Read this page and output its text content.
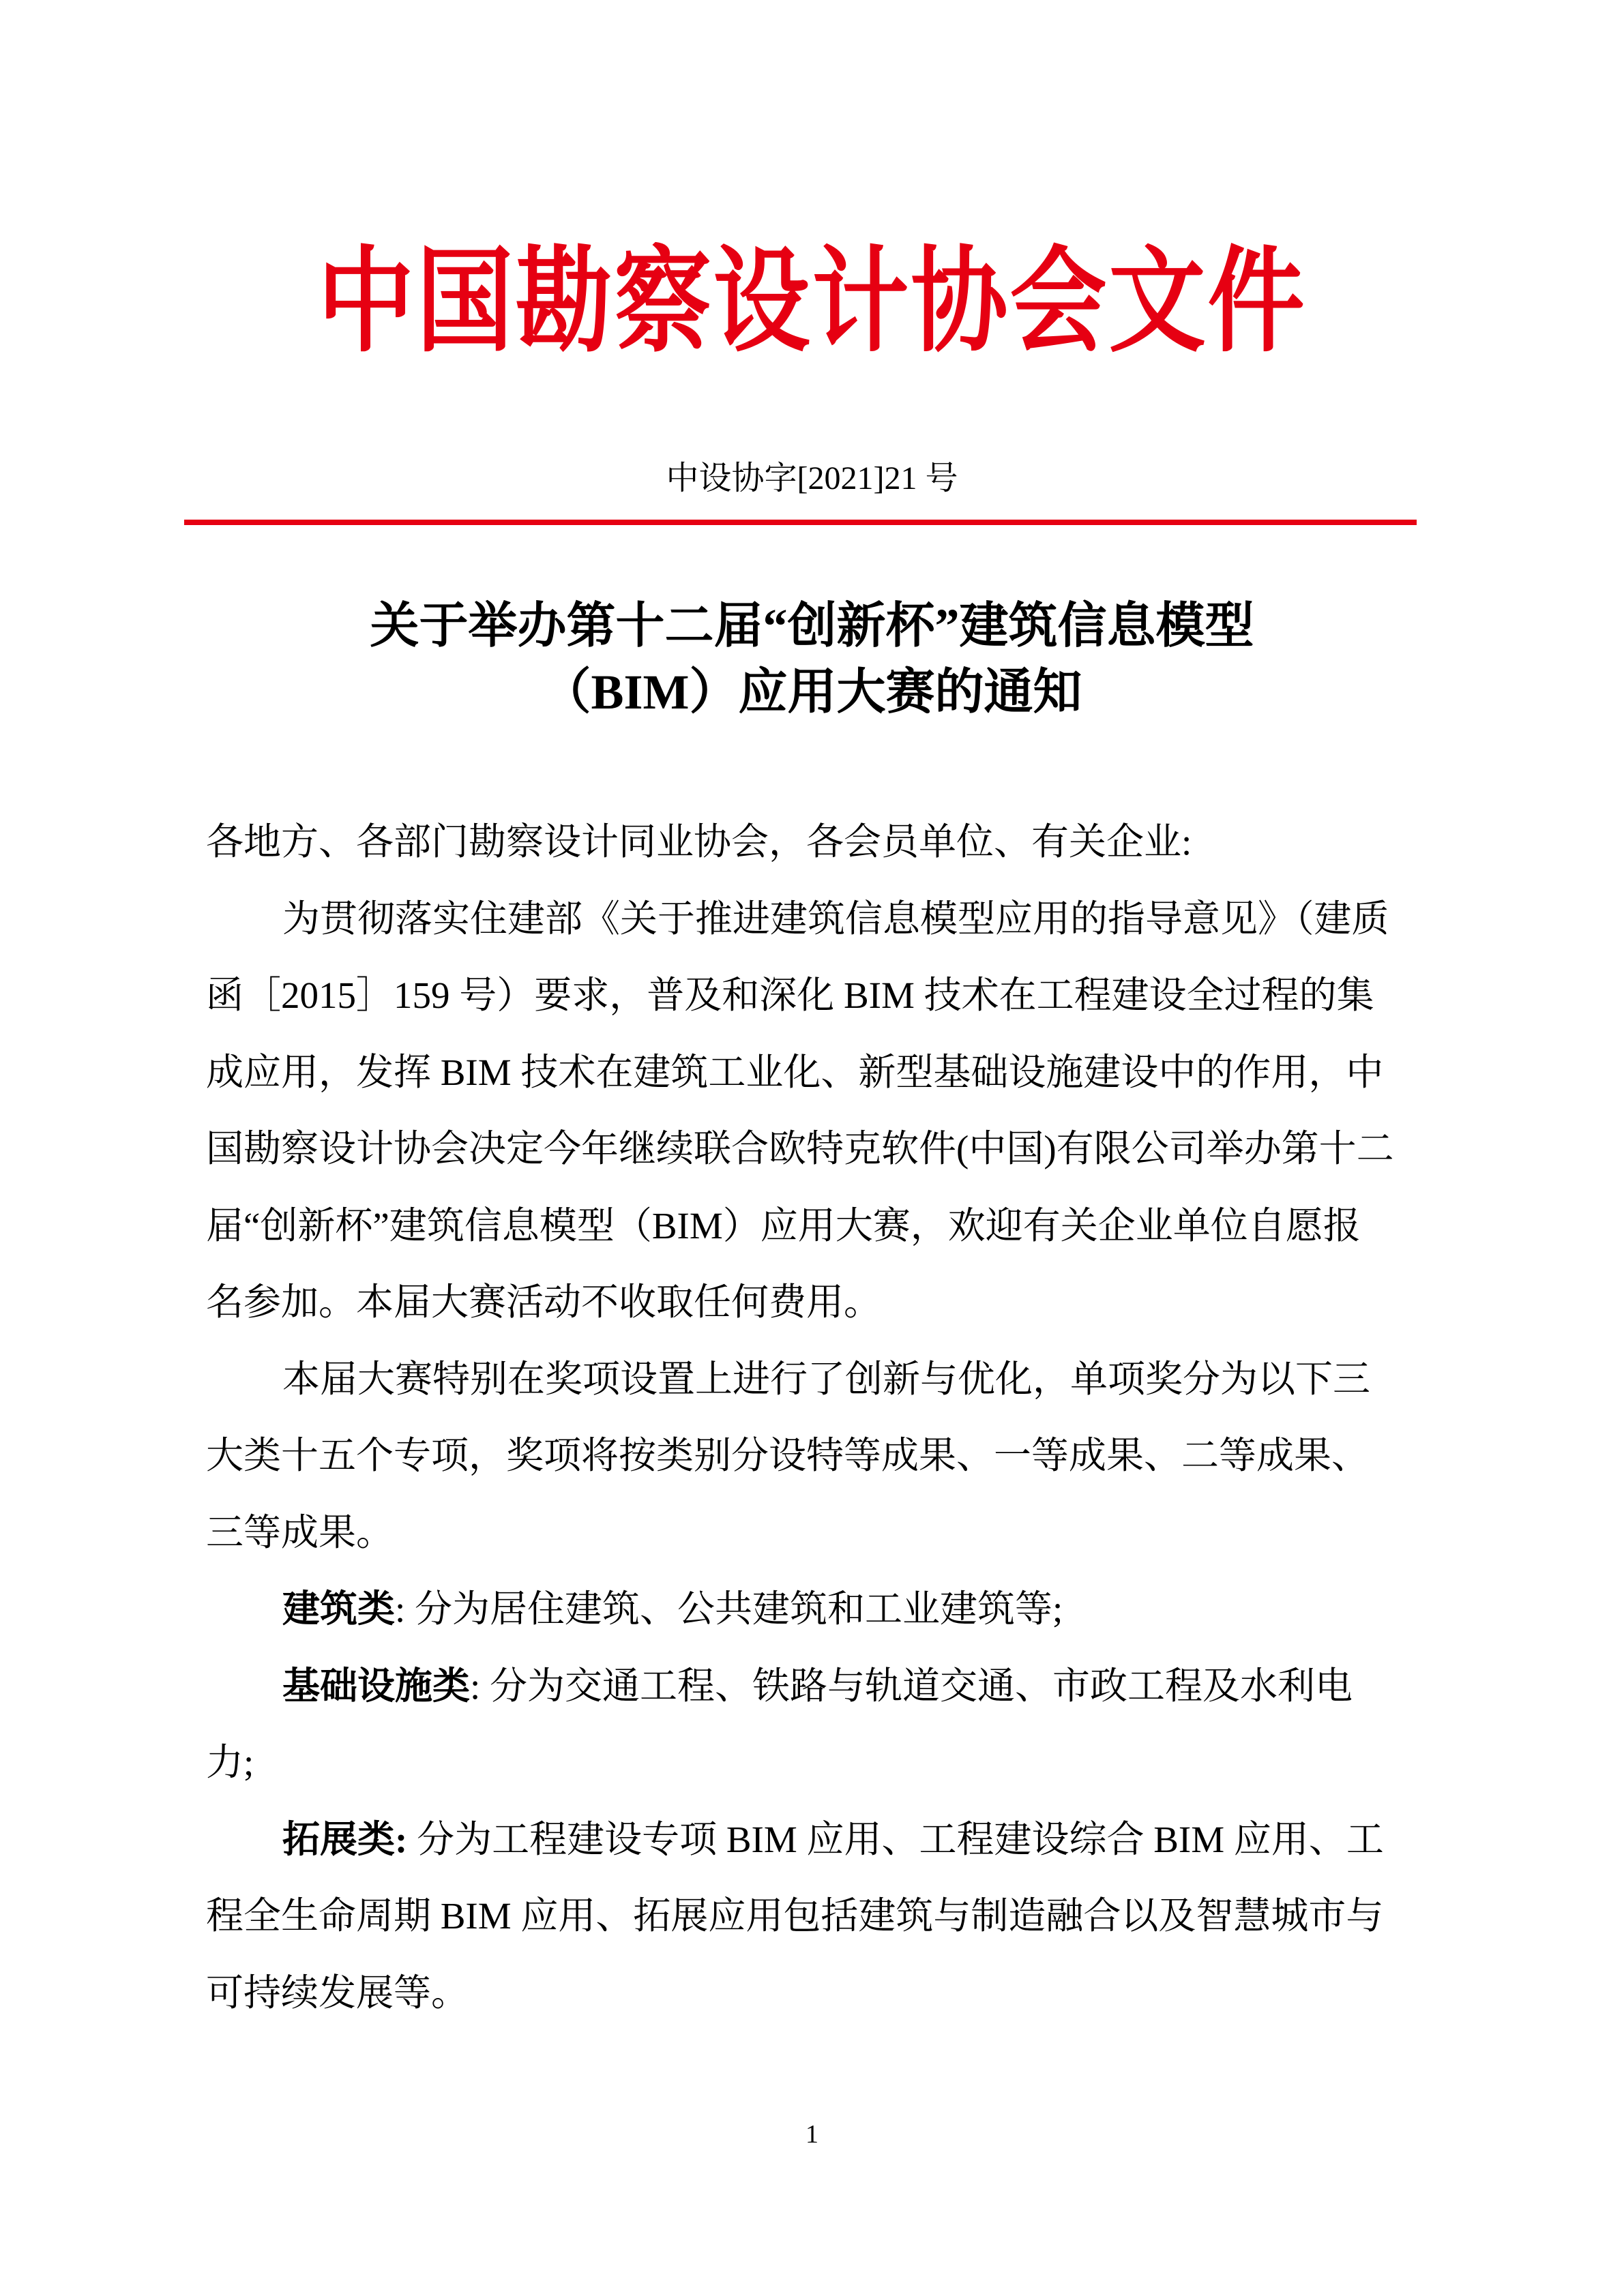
中国勘察设计协会文件
中设协字[2021]21 号
关于举办第十二届“创新杯”建筑信息模型
（BIM）应用大赛的通知
各地方、各部门勘察设计同业协会，各会员单位、有关企业:
为贯彻落实住建部《关于推进建筑信息模型应用的指导意见》（建质
函［2015］159 号）要求，普及和深化 BIM 技术在工程建设全过程的集
成应用，发挥 BIM 技术在建筑工业化、新型基础设施建设中的作用，中
国勘察设计协会决定今年继续联合欧特克软件(中国)有限公司举办第十二
届“创新杯”建筑信息模型（BIM）应用大赛，欢迎有关企业单位自愿报
名参加。本届大赛活动不收取任何费用。
本届大赛特别在奖项设置上进行了创新与优化，单项奖分为以下三
大类十五个专项，奖项将按类别分设特等成果、一等成果、二等成果、
三等成果。
建筑类: 分为居住建筑、公共建筑和工业建筑等;
基础设施类: 分为交通工程、铁路与轨道交通、市政工程及水利电
力;
拓展类: 分为工程建设专项 BIM 应用、工程建设综合 BIM 应用、工
程全生命周期 BIM 应用、拓展应用包括建筑与制造融合以及智慧城市与
可持续发展等。
1
